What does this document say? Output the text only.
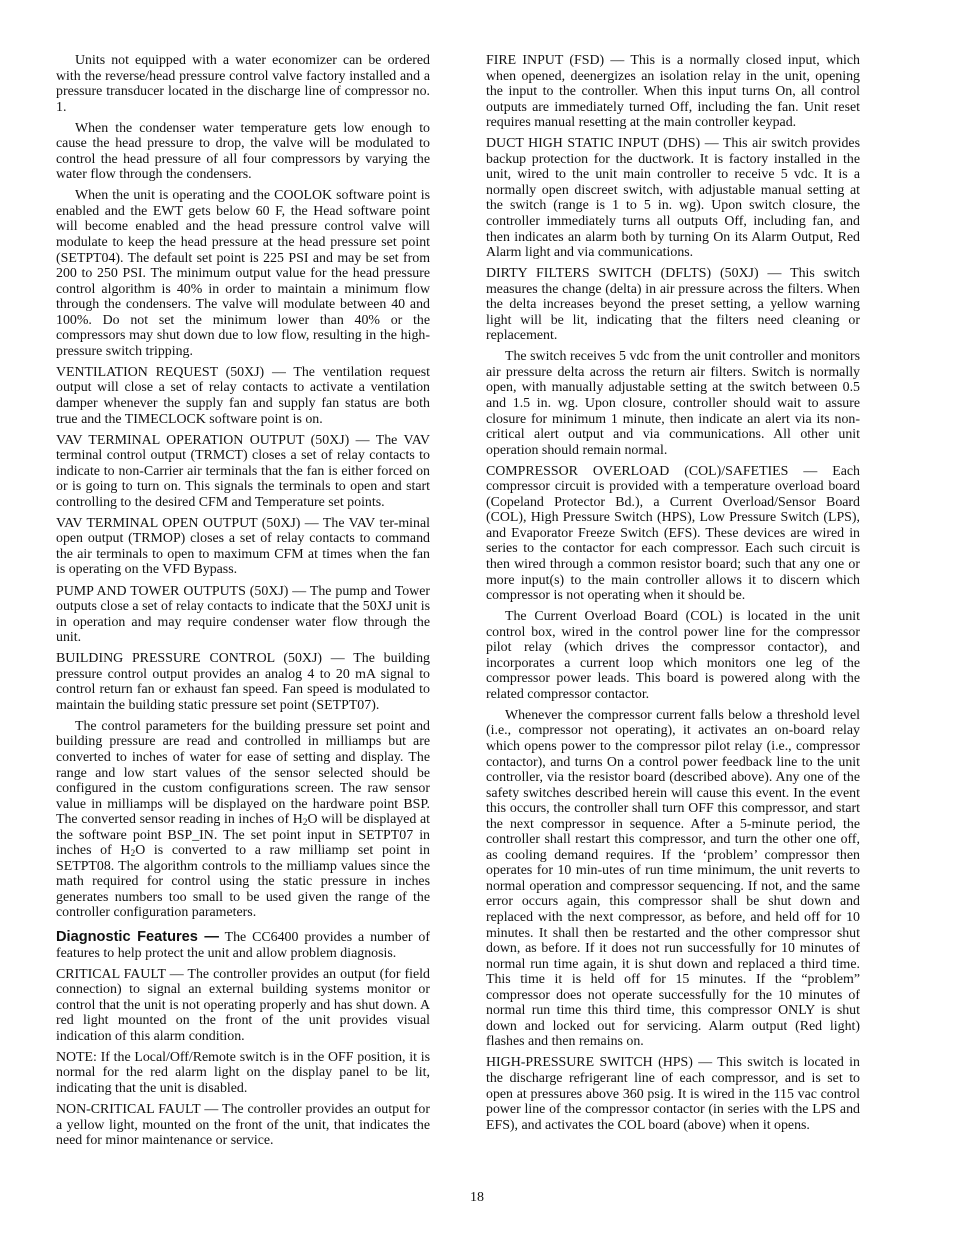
Units not equipped with a water economizer can be ordered with the reverse/head pressure control valve factory installed and a pressure transducer located in the discharge line of compressor no. 1.

When the condenser water temperature gets low enough to cause the head pressure to drop, the valve will be modulated to control the head pressure of all four compressors by varying the water flow through the condensers.

When the unit is operating and the COOLOK software point is enabled and the EWT gets below 60 F, the Head software point will become enabled and the head pressure control valve will modulate to keep the head pressure at the head pressure set point (SETPT04). The default set point is 225 PSI and may be set from 200 to 250 PSI. The minimum output value for the head pressure control algorithm is 40% in order to maintain a minimum flow through the condensers. The valve will modulate between 40 and 100%. Do not set the minimum lower than 40% or the compressors may shut down due to low flow, resulting in the high-pressure switch tripping.

VENTILATION REQUEST (50XJ) — The ventilation request output will close a set of relay contacts to activate a ventilation damper whenever the supply fan and supply fan status are both true and the TIMECLOCK software point is on.

VAV TERMINAL OPERATION OUTPUT (50XJ) — The VAV terminal control output (TRMCT) closes a set of relay contacts to indicate to non-Carrier air terminals that the fan is either forced on or is going to turn on. This signals the terminals to open and start controlling to the desired CFM and Temperature set points.

VAV TERMINAL OPEN OUTPUT (50XJ) — The VAV ter-minal open output (TRMOP) closes a set of relay contacts to command the air terminals to open to maximum CFM at times when the fan is operating on the VFD Bypass.

PUMP AND TOWER OUTPUTS (50XJ) — The pump and Tower outputs close a set of relay contacts to indicate that the 50XJ unit is in operation and may require condenser water flow through the unit.

BUILDING PRESSURE CONTROL (50XJ) — The building pressure control output provides an analog 4 to 20 mA signal to control return fan or exhaust fan speed. Fan speed is modulated to maintain the building static pressure set point (SETPT07).

The control parameters for the building pressure set point and building pressure are read and controlled in milliamps but are converted to inches of water for ease of setting and display. The range and low start values of the sensor selected should be configured in the custom configurations screen. The raw sensor value in milliamps will be displayed on the hardware point BSP. The converted sensor reading in inches of $H_2O$ will be displayed at the software point BSP_IN. The set point input in SETPT07 in inches of $H_2O$ is converted to a raw milliamp set point in SETPT08. The algorithm controls to the milliamp values since the math required for control using the static pressure in inches generates numbers too small to be used given the range of the controller configuration parameters.

Diagnostic Features — The CC6400 provides a number of features to help protect the unit and allow problem diagnosis.

CRITICAL FAULT — The controller provides an output (for field connection) to signal an external building systems monitor or control that the unit is not operating properly and has shut down. A red light mounted on the front of the unit provides visual indication of this alarm condition.

NOTE: If the Local/Off/Remote switch is in the OFF position, it is normal for the red alarm light on the display panel to be lit, indicating that the unit is disabled.

NON-CRITICAL FAULT — The controller provides an output for a yellow light, mounted on the front of the unit, that indicates the need for minor maintenance or service.

FIRE INPUT (FSD) — This is a normally closed input, which when opened, deenergizes an isolation relay in the unit, opening the input to the controller. When this input turns On, all control outputs are immediately turned Off, including the fan. Unit reset requires manual resetting at the main controller keypad.

DUCT HIGH STATIC INPUT (DHS) — This air switch provides backup protection for the ductwork. It is factory installed in the unit, wired to the unit main controller to receive 5 vdc. It is a normally open discreet switch, with adjustable manual setting at the switch (range is 1 to 5 in. wg). Upon switch closure, the controller immediately turns all outputs Off, including fan, and then indicates an alarm both by turning On its Alarm Output, Red Alarm light and via communications.

DIRTY FILTERS SWITCH (DFLTS) (50XJ) — This switch measures the change (delta) in air pressure across the filters. When the delta increases beyond the preset setting, a yellow warning light will be lit, indicating that the filters need cleaning or replacement.

The switch receives 5 vdc from the unit controller and monitors air pressure delta across the return air filters. Switch is normally open, with manually adjustable setting at the switch between 0.5 and 1.5 in. wg. Upon closure, controller should wait to assure closure for minimum 1 minute, then indicate an alert via its non-critical alert output and via communications. All other unit operation should remain normal.

COMPRESSOR OVERLOAD (COL)/SAFETIES — Each compressor circuit is provided with a temperature overload board (Copeland Protector Bd.), a Current Overload/Sensor Board (COL), High Pressure Switch (HPS), Low Pressure Switch (LPS), and Evaporator Freeze Switch (EFS). These devices are wired in series to the contactor for each compressor. Each such circuit is then wired through a common resistor board; such that any one or more input(s) to the main controller allows it to discern which compressor is not operating when it should be.

The Current Overload Board (COL) is located in the unit control box, wired in the control power line for the compressor pilot relay (which drives the compressor contactor), and incorporates a current loop which monitors one leg of the compressor power leads. This board is powered along with the related compressor contactor.

Whenever the compressor current falls below a threshold level (i.e., compressor not operating), it activates an on-board relay which opens power to the compressor pilot relay (i.e., compressor contactor), and turns On a control power feedback line to the unit controller, via the resistor board (described above). Any one of the safety switches described herein will cause this event. In the event this occurs, the controller shall turn OFF this compressor, and start the next compressor in sequence. After a 5-minute period, the controller shall restart this compressor, and turn the other one off, as cooling demand requires. If the ‘problem’ compressor then operates for 10 min-utes of run time minimum, the unit reverts to normal operation and compressor sequencing. If not, and the same error occurs again, this compressor shall be shut down and replaced with the next compressor, as before, and held off for 10 minutes. It shall then be restarted and the other compressor shut down, as before. If it does not run successfully for 10 minutes of normal run time again, it is shut down and replaced a third time. This time it is held off for 15 minutes. If the “problem” compressor does not operate successfully for the 10 minutes of normal run time this third time, this compressor ONLY is shut down and locked out for servicing. Alarm output (Red light) flashes and then remains on.

HIGH-PRESSURE SWITCH (HPS) — This switch is located in the discharge refrigerant line of each compressor, and is set to open at pressures above 360 psig. It is wired in the 115 vac control power line of the compressor contactor (in series with the LPS and EFS), and activates the COL board (above) when it opens.

18
